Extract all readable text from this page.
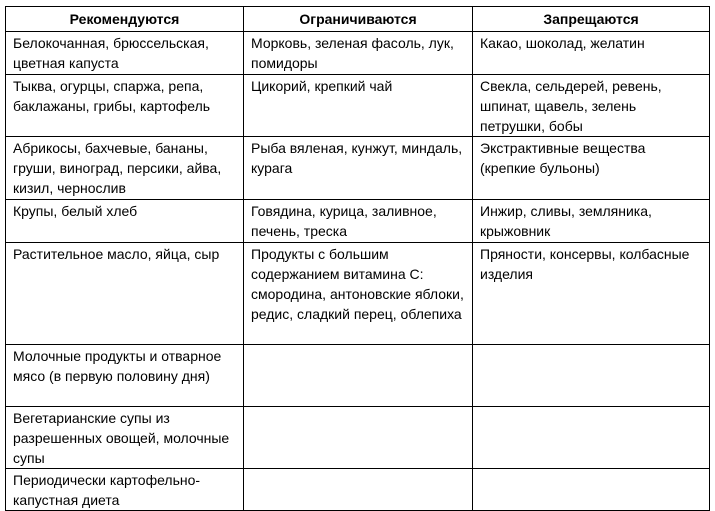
Рекомендуются	Ограничиваются	Запрещаются
Белокочанная, брюссельская, цветная капуста	Морковь, зеленая фасоль, лук, помидоры	Какао, шоколад, желатин
Тыква, огурцы, спаржа, репа, баклажаны, грибы, картофель	Цикорий, крепкий чай	Свекла, сельдерей, ревень, шпинат, щавель, зелень петрушки, бобы
Абрикосы, бахчевые, бананы, груши, виноград, персики, айва, кизил, чернослив	Рыба вяленая, кунжут, миндаль, курага	Экстрактивные вещества (крепкие бульоны)
Крупы, белый хлеб	Говядина, курица, заливное, печень, треска	Инжир, сливы, земляника, крыжовник
Растительное масло, яйца, сыр	Продукты с большим содержанием витамина С: смородина, антоновские яблоки, редис, сладкий перец, облепиха	Пряности, консервы, колбасные изделия
Молочные продукты и отварное мясо (в первую половину дня)		
Вегетарианские супы из разрешенных овощей, молочные супы		
Периодически картофельно-капустная диета		
